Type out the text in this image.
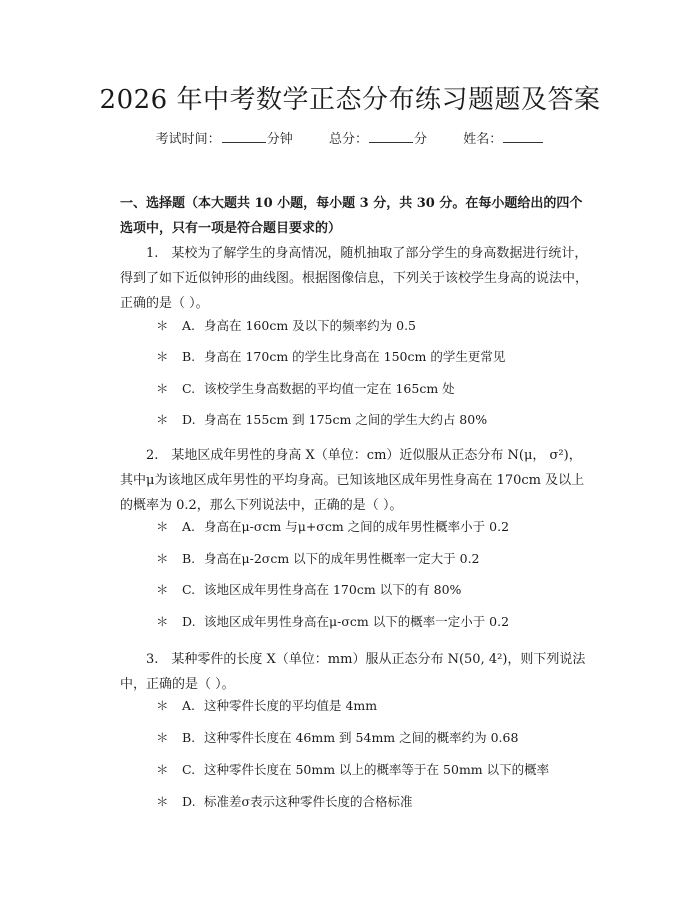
2026 年中考数学正态分布练习题题及答案
考试时间：	分钟	总分：	分	姓名：
一、选择题（本大题共 10 小题，每小题 3 分，共 30 分。在每小题给出的四个选项中，只有一项是符合题目要求的）
1.　某校为了解学生的身高情况，随机抽取了部分学生的身高数据进行统计，得到了如下近似钟形的曲线图。根据图像信息，下列关于该校学生身高的说法中，正确的是（ ）。
＊ A. 身高在 160cm 及以下的频率约为 0.5
＊ B. 身高在 170cm 的学生比身高在 150cm 的学生更常见
＊ C. 该校学生身高数据的平均值一定在 165cm 处
＊ D. 身高在 155cm 到 175cm 之间的学生大约占 80%
2.　某地区成年男性的身高 X（单位：cm）近似服从正态分布 N(μ， σ²)，其中μ为该地区成年男性的平均身高。已知该地区成年男性身高在 170cm 及以上的概率为 0.2，那么下列说法中，正确的是（ ）。
＊ A. 身高在μ-σcm 与μ+σcm 之间的成年男性概率小于 0.2
＊ B. 身高在μ-2σcm 以下的成年男性概率一定大于 0.2
＊ C. 该地区成年男性身高在 170cm 以下的有 80%
＊ D. 该地区成年男性身高在μ-σcm 以下的概率一定小于 0.2
3.　某种零件的长度 X（单位：mm）服从正态分布 N(50, 4²)，则下列说法中，正确的是（ ）。
＊ A. 这种零件长度的平均值是 4mm
＊ B. 这种零件长度在 46mm 到 54mm 之间的概率约为 0.68
＊ C. 这种零件长度在 50mm 以上的概率等于在 50mm 以下的概率
＊ D. 标准差σ表示这种零件长度的合格标准
